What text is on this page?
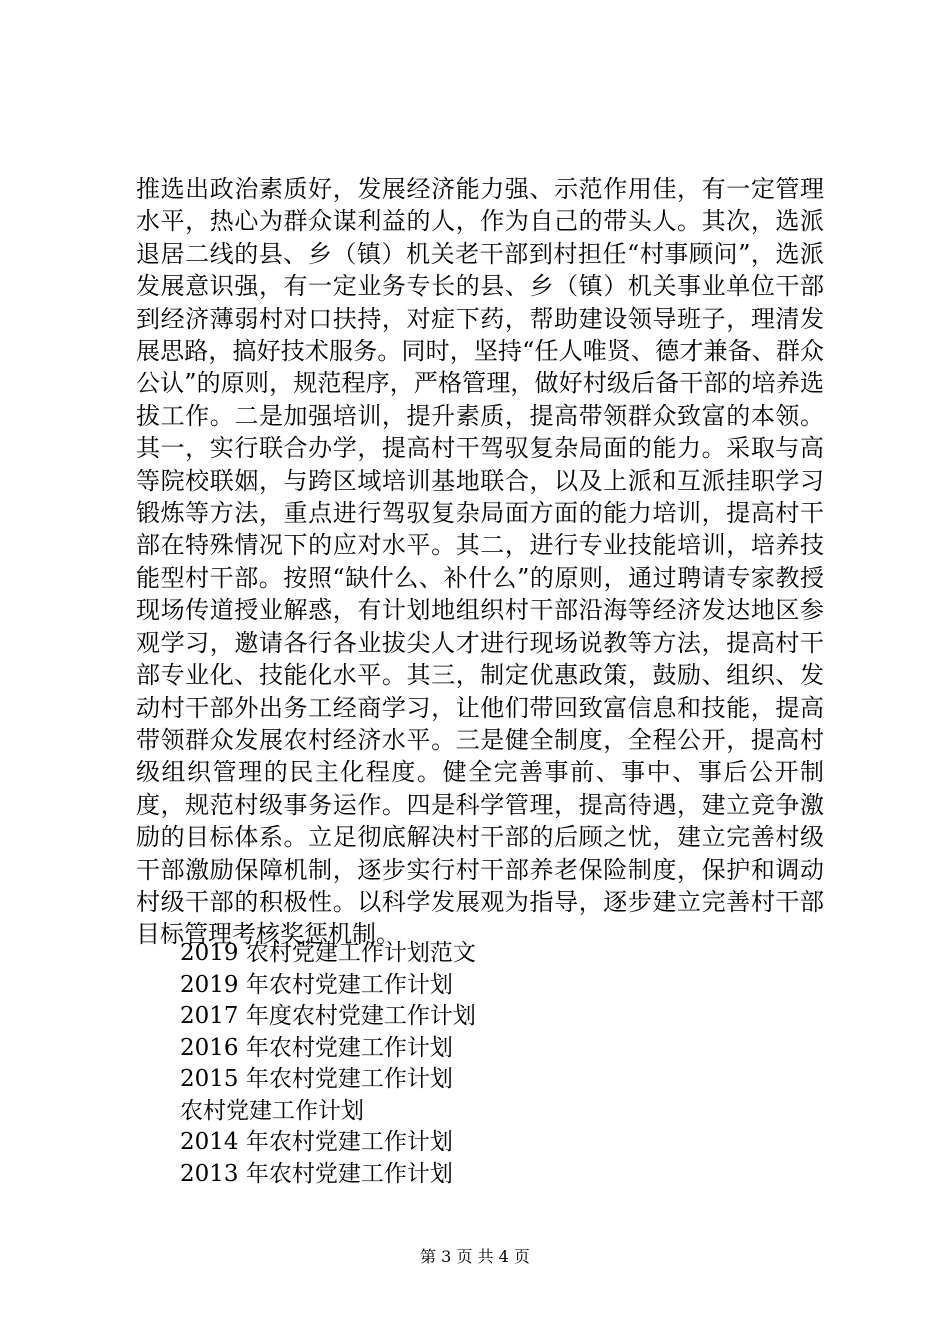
推选出政治素质好，发展经济能力强、示范作用佳，有一定管理水平，热心为群众谋利益的人，作为自己的带头人。其次，选派退居二线的县、乡（镇）机关老干部到村担任“村事顾问”，选派发展意识强，有一定业务专长的县、乡（镇）机关事业单位干部到经济薄弱村对口扶持，对症下药，帮助建设领导班子，理清发展思路，搞好技术服务。同时，坚持“任人唯贤、德才兼备、群众公认”的原则，规范程序，严格管理，做好村级后备干部的培养选拔工作。二是加强培训，提升素质，提高带领群众致富的本领。其一，实行联合办学，提高村干驾驭复杂局面的能力。采取与高等院校联姻，与跨区域培训基地联合，以及上派和互派挂职学习锻炼等方法，重点进行驾驭复杂局面方面的能力培训，提高村干部在特殊情况下的应对水平。其二，进行专业技能培训，培养技能型村干部。按照“缺什么、补什么”的原则，通过聘请专家教授现场传道授业解惑，有计划地组织村干部沿海等经济发达地区参观学习，邀请各行各业拔尖人才进行现场说教等方法，提高村干部专业化、技能化水平。其三，制定优惠政策，鼓励、组织、发动村干部外出务工经商学习，让他们带回致富信息和技能，提高带领群众发展农村经济水平。三是健全制度，全程公开，提高村级组织管理的民主化程度。健全完善事前、事中、事后公开制度，规范村级事务运作。四是科学管理，提高待遇，建立竞争激励的目标体系。立足彻底解决村干部的后顾之忧，建立完善村级干部激励保障机制，逐步实行村干部养老保险制度，保护和调动村级干部的积极性。以科学发展观为指导，逐步建立完善村干部目标管理考核奖惩机制。

2019 农村党建工作计划范文
2019 年农村党建工作计划
2017 年度农村党建工作计划
2016 年农村党建工作计划
2015 年农村党建工作计划
农村党建工作计划
2014 年农村党建工作计划
2013 年农村党建工作计划
第 3 页 共 4 页
